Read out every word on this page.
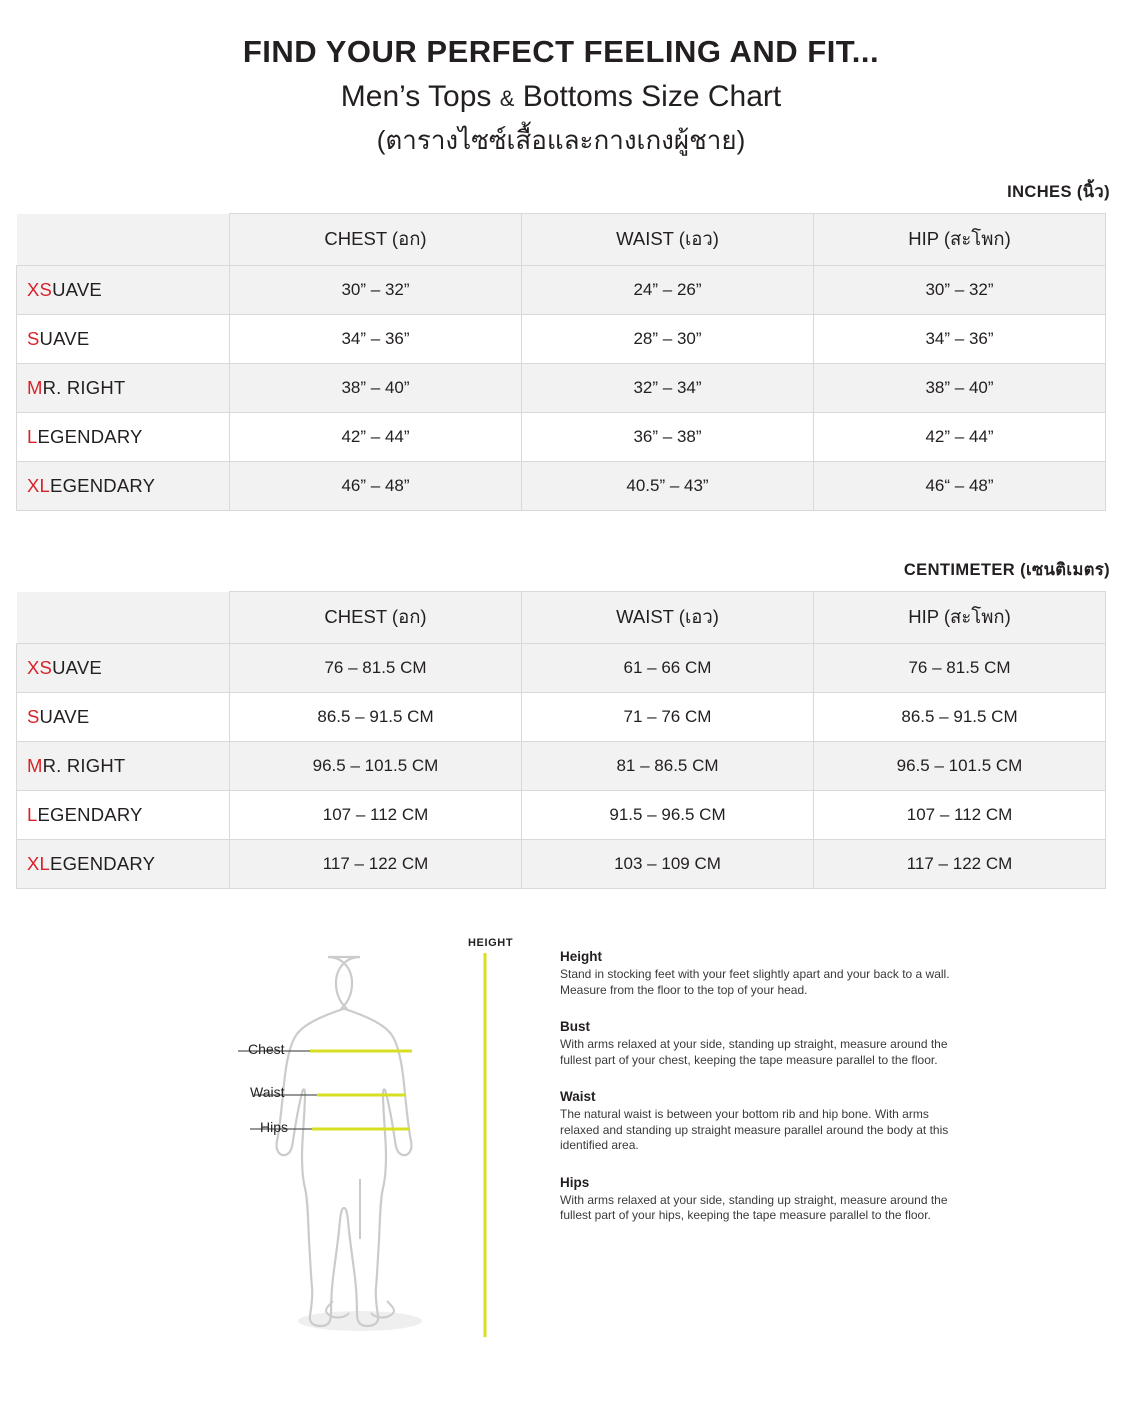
FIND YOUR PERFECT FEELING AND FIT...
Men’s Tops & Bottoms Size Chart
(ตารางไซซ์เสื้อและกางเกงผู้ชาย)
INCHES (นิ้ว)
	CHEST (อก)	WAIST (เอว)	HIP (สะโพก)
XSUAVE	30” – 32”	24” – 26”	30” – 32”
SUAVE	34” – 36”	28” – 30”	34” – 36”
MR. RIGHT	38” – 40”	32” – 34”	38” – 40”
LEGENDARY	42” – 44”	36” – 38”	42” – 44”
XLEGENDARY	46” – 48”	40.5” – 43”	46“ – 48”
CENTIMETER (เซนติเมตร)
	CHEST (อก)	WAIST (เอว)	HIP (สะโพก)
XSUAVE	76 – 81.5 CM	61 – 66 CM	76 – 81.5 CM
SUAVE	86.5 – 91.5 CM	71 – 76 CM	86.5 – 91.5 CM
MR. RIGHT	96.5 – 101.5 CM	81 – 86.5 CM	96.5 – 101.5 CM
LEGENDARY	107 – 112 CM	91.5 – 96.5 CM	107 – 112 CM
XLEGENDARY	117 – 122 CM	103 – 109 CM	117 – 122 CM
HEIGHT
Chest
Waist
Hips
Height
Stand in stocking feet with your feet slightly apart and your back to a wall. Measure from the floor to the top of your head.
Bust
With arms relaxed at your side, standing up straight, measure around the fullest part of your chest, keeping the tape measure parallel to the floor.
Waist
The natural waist is between your bottom rib and hip bone. With arms relaxed and standing up straight measure parallel around the body at this identified area.
Hips
With arms relaxed at your side, standing up straight, measure around the fullest part of your hips, keeping the tape measure parallel to the floor.
